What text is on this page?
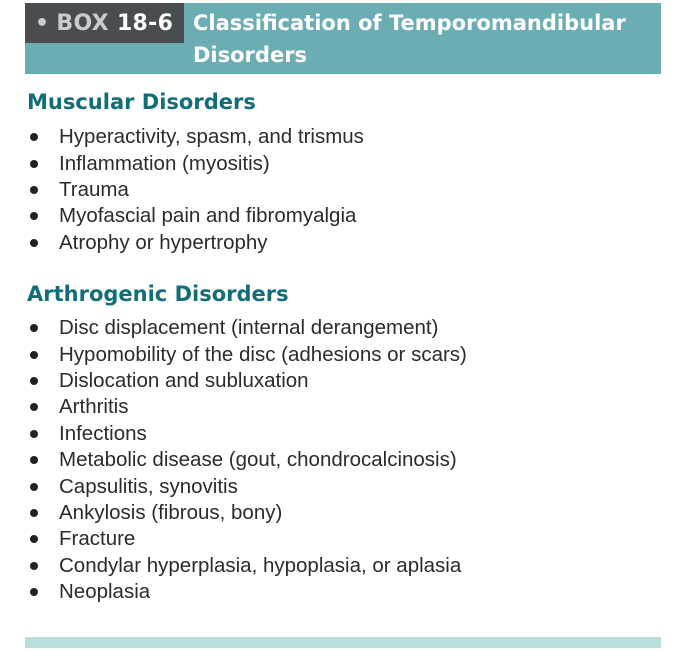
• BOX 18-6 Classification of Temporomandibular Disorders
Muscular Disorders
Hyperactivity, spasm, and trismus
Inflammation (myositis)
Trauma
Myofascial pain and fibromyalgia
Atrophy or hypertrophy
Arthrogenic Disorders
Disc displacement (internal derangement)
Hypomobility of the disc (adhesions or scars)
Dislocation and subluxation
Arthritis
Infections
Metabolic disease (gout, chondrocalcinosis)
Capsulitis, synovitis
Ankylosis (fibrous, bony)
Fracture
Condylar hyperplasia, hypoplasia, or aplasia
Neoplasia
